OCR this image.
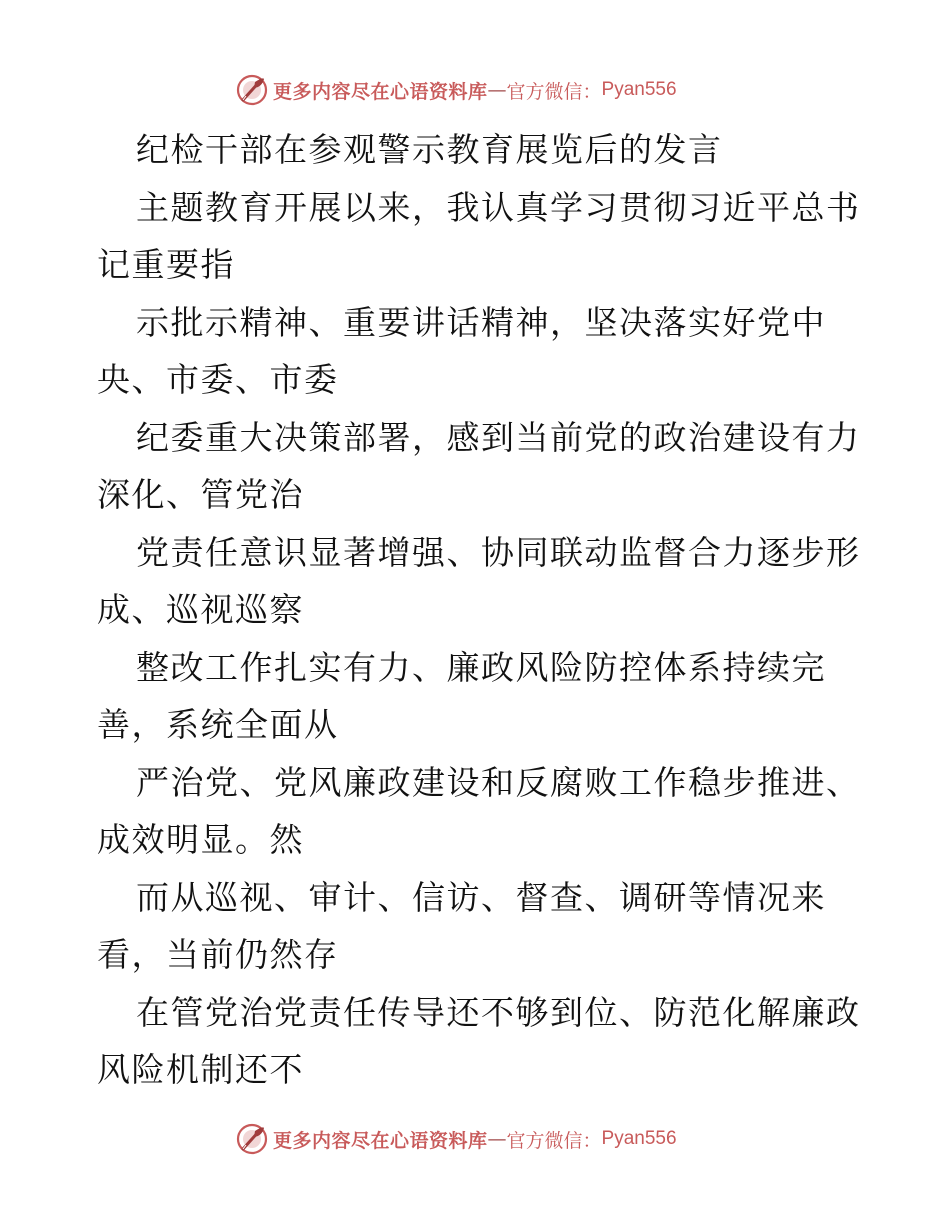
更多内容尽在心语资料库 — 官方微信： Pyan556
纪检干部在参观警示教育展览后的发言
主题教育开展以来，我认真学习贯彻习近平总书
记重要指
示批示精神、重要讲话精神，坚决落实好党中
央、市委、市委
纪委重大决策部署，感到当前党的政治建设有力
深化、管党治
党责任意识显著增强、协同联动监督合力逐步形
成、巡视巡察
整改工作扎实有力、廉政风险防控体系持续完
善，系统全面从
严治党、党风廉政建设和反腐败工作稳步推进、
成效明显。然
而从巡视、审计、信访、督查、调研等情况来
看，当前仍然存
在管党治党责任传导还不够到位、防范化解廉政
风险机制还不
更多内容尽在心语资料库 — 官方微信： Pyan556
